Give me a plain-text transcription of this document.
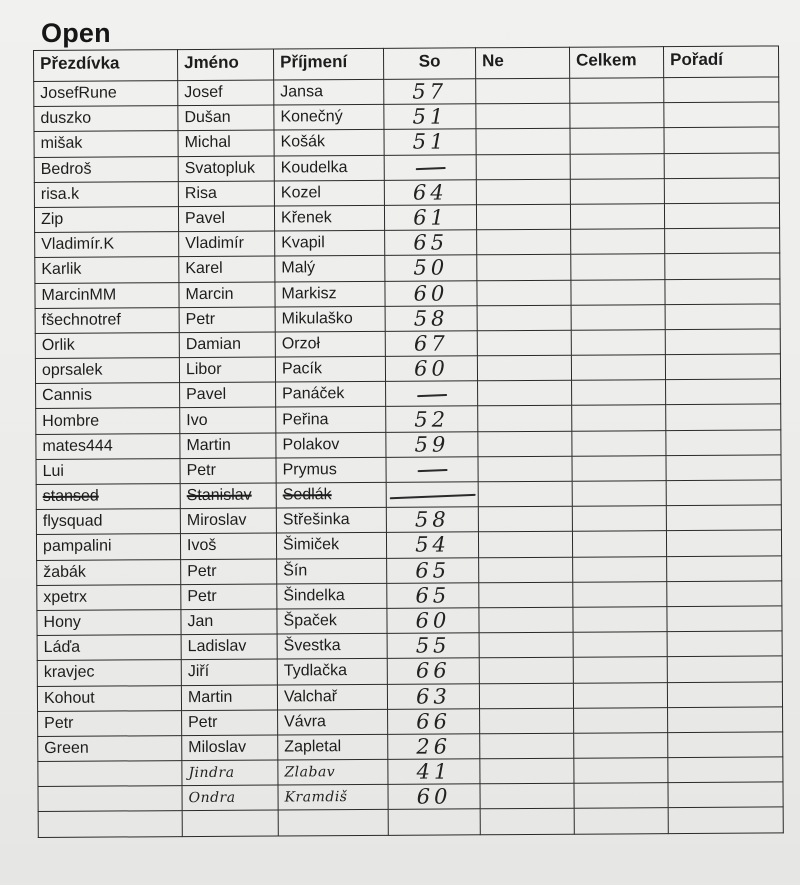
Open
Přezdívka	Jméno	Příjmení	So	Ne	Celkem	Pořadí
JosefRune	Josef	Jansa	57			
duszko	Dušan	Konečný	51			
mišak	Michal	Košák	51			
Bedroš	Svatopluk	Koudelka				
risa.k	Risa	Kozel	64			
Zip	Pavel	Křenek	61			
Vladimír.K	Vladimír	Kvapil	65			
Karlik	Karel	Malý	50			
MarcinMM	Marcin	Markisz	60			
fšechnotref	Petr	Mikulaško	58			
Orlik	Damian	Orzoł	67			
oprsalek	Libor	Pacík	60			
Cannis	Pavel	Panáček				
Hombre	Ivo	Peřina	52			
mates444	Martin	Polakov	59			
Lui	Petr	Prymus				
stansed	Stanislav	Sedlák				
flysquad	Miroslav	Střešinka	58			
pampalini	Ivoš	Šimiček	54			
žabák	Petr	Šín	65			
xpetrx	Petr	Šindelka	65			
Hony	Jan	Špaček	60			
Láďa	Ladislav	Švestka	55			
kravjec	Jiří	Tydlačka	66			
Kohout	Martin	Valchař	63			
Petr	Petr	Vávra	66			
Green	Miloslav	Zapletal	26			
	Jindra	Zlabav	41			
	Ondra	Kramdiš	60			
